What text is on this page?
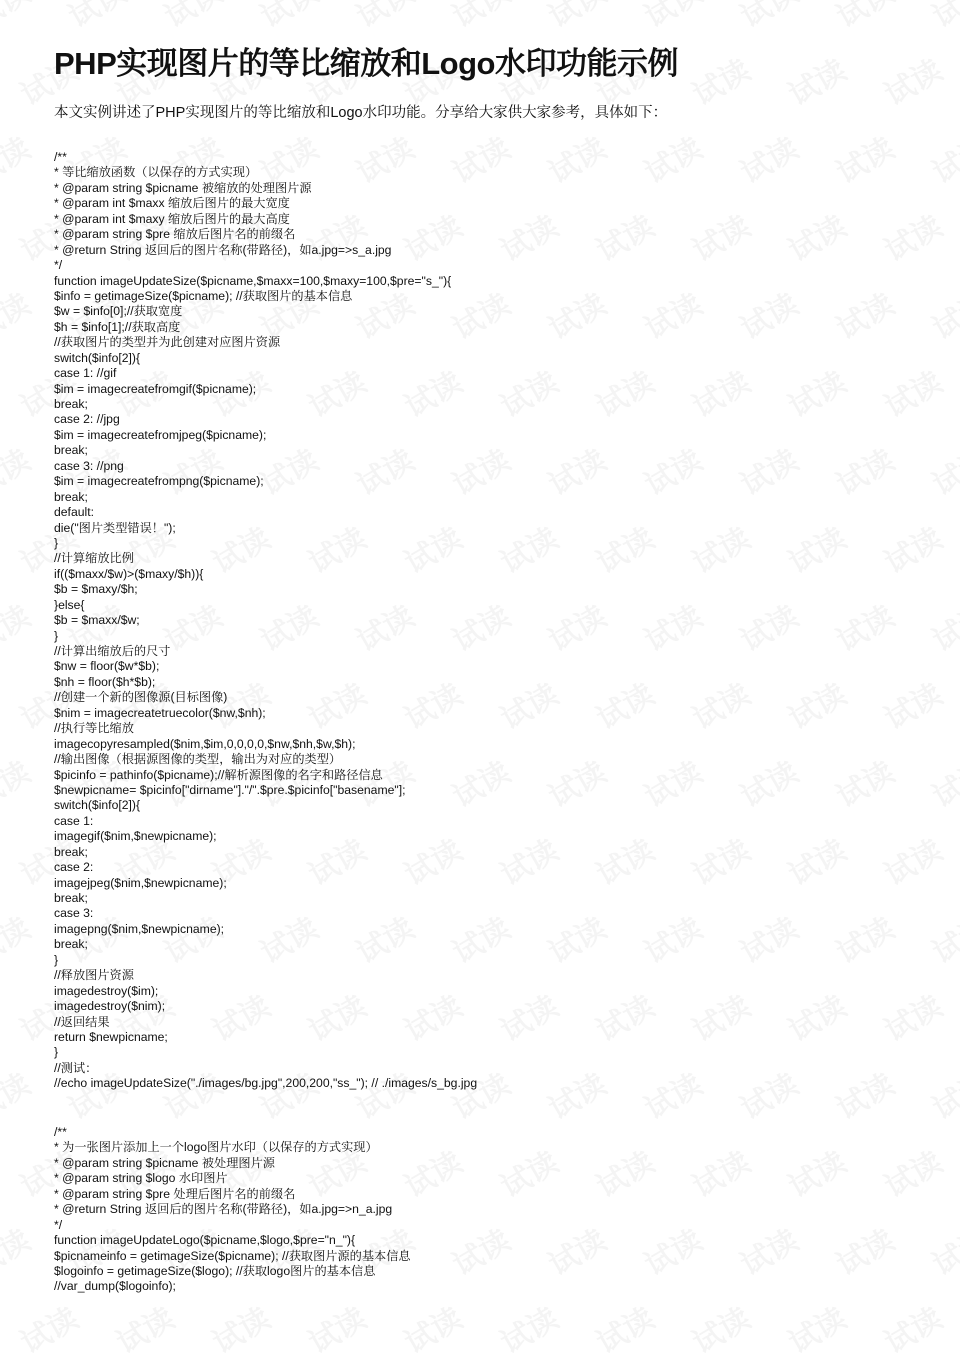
PHP实现图片的等比缩放和Logo水印功能示例
本文实例讲述了PHP实现图片的等比缩放和Logo水印功能。分享给大家供大家参考，具体如下：
/**
* 等比缩放函数（以保存的方式实现）
* @param string $picname 被缩放的处理图片源
* @param int $maxx 缩放后图片的最大宽度
* @param int $maxy 缩放后图片的最大高度
* @param string $pre 缩放后图片名的前缀名
* @return String 返回后的图片名称(带路径)，如a.jpg=>s_a.jpg
*/
function imageUpdateSize($picname,$maxx=100,$maxy=100,$pre="s_"){
$info = getimageSize($picname); //获取图片的基本信息
$w = $info[0];//获取宽度
$h = $info[1];//获取高度
//获取图片的类型并为此创建对应图片资源
switch($info[2]){
case 1: //gif
$im = imagecreatefromgif($picname);
break;
case 2: //jpg
$im = imagecreatefromjpeg($picname);
break;
case 3: //png
$im = imagecreatefrompng($picname);
break;
default:
die("图片类型错误！");
}
//计算缩放比例
if(($maxx/$w)>($maxy/$h)){
$b = $maxy/$h;
}else{
$b = $maxx/$w;
}
//计算出缩放后的尺寸
$nw = floor($w*$b);
$nh = floor($h*$b);
//创建一个新的图像源(目标图像)
$nim = imagecreatetruecolor($nw,$nh);
//执行等比缩放
imagecopyresampled($nim,$im,0,0,0,0,$nw,$nh,$w,$h);
//输出图像（根据源图像的类型，输出为对应的类型）
$picinfo = pathinfo($picname);//解析源图像的名字和路径信息
$newpicname= $picinfo["dirname"]."/".$pre.$picinfo["basename"];
switch($info[2]){
case 1:
imagegif($nim,$newpicname);
break;
case 2:
imagejpeg($nim,$newpicname);
break;
case 3:
imagepng($nim,$newpicname);
break;
}
//释放图片资源
imagedestroy($im);
imagedestroy($nim);
//返回结果
return $newpicname;
}
//测试：
//echo imageUpdateSize("./images/bg.jpg",200,200,"ss_"); // ./images/s_bg.jpg
/**
* 为一张图片添加上一个logo图片水印（以保存的方式实现）
* @param string $picname 被处理图片源
* @param string $logo 水印图片
* @param string $pre 处理后图片名的前缀名
* @return String 返回后的图片名称(带路径)，如a.jpg=>n_a.jpg
*/
function imageUpdateLogo($picname,$logo,$pre="n_"){
$picnameinfo = getimageSize($picname); //获取图片源的基本信息
$logoinfo = getimageSize($logo); //获取logo图片的基本信息
//var_dump($logoinfo);
